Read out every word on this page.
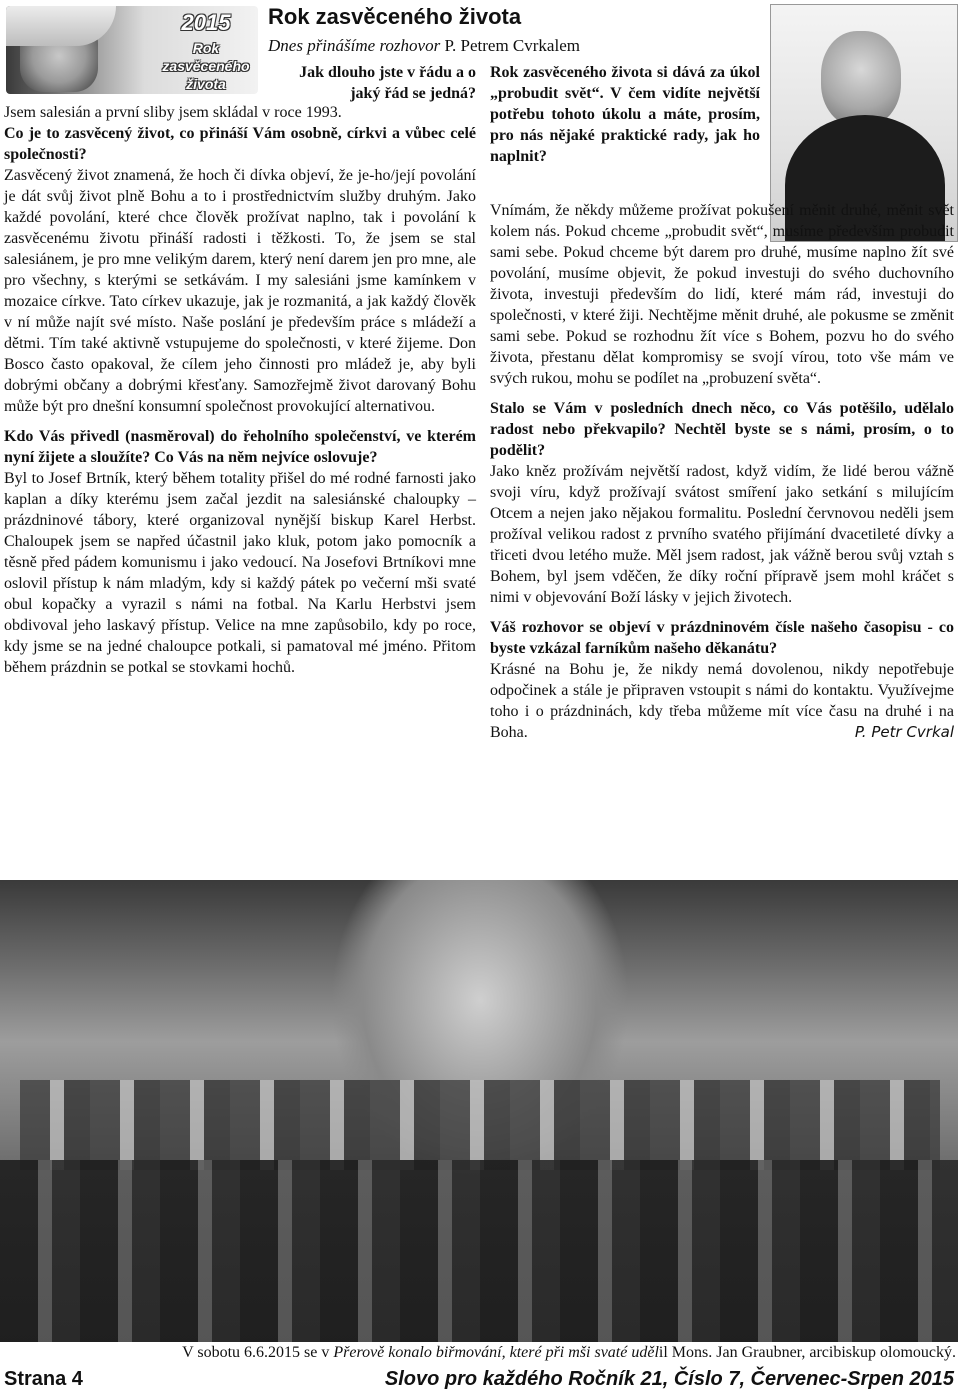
2015
Rok
zasvěceného
života
Rok zasvěceného života
Dnes přinášíme rozhovor P. Petrem Cvrkalem
Jak dlouho jste v řádu a o jaký řád se jedná?

Jsem salesián a první sliby jsem skládal v roce 1993.

Co je to zasvěcený život, co přináší Vám osobně, církvi a vůbec celé společnosti?

Zasvěcený život znamená, že hoch či dívka objeví, že je-ho/její povolání je dát svůj život plně Bohu a to i prostřednictvím služby druhým. Jako každé povolání, které chce člověk prožívat naplno, tak i povolání k zasvěcenému životu přináší radosti i těžkosti. To, že jsem se stal salesiánem, je pro mne velikým darem, který není darem jen pro mne, ale pro všechny, s kterými se setkávám. I my salesiáni jsme kamínkem v mozaice církve. Tato církev ukazuje, jak je rozmanitá, a jak každý člověk v ní může najít své místo. Naše poslání je především práce s mládeží a dětmi. Tím také aktivně vstupujeme do společnosti, v které žijeme. Don Bosco často opakoval, že cílem jeho činnosti pro mládež je, aby byli dobrými občany a dobrými křesťany. Samozřejmě život darovaný Bohu může být pro dnešní konsumní společnost provokující alternativou.

Kdo Vás přivedl (nasměroval) do řeholního společenství, ve kterém nyní žijete a sloužíte? Co Vás na něm nejvíce oslovuje?

Byl to Josef Brtník, který během totality přišel do mé rodné farnosti jako kaplan a díky kterému jsem začal jezdit na salesiánské chaloupky – prázdninové tábory, které organizoval nynější biskup Karel Herbst. Chaloupek jsem se napřed účastnil jako kluk, potom jako pomocník a těsně před pádem komunismu i jako vedoucí. Na Josefovi Brtníkovi mne oslovil přístup k nám mladým, kdy si každý pátek po večerní mši svaté obul kopačky a vyrazil s námi na fotbal. Na Karlu Herbstvi jsem obdivoval jeho laskavý přístup. Velice na mne zapůsobilo, kdy po roce, kdy jsme se na jedné chaloupce potkali, si pamatoval mé jméno. Přitom během prázdnin se potkal se stovkami hochů.

Rok zasvěceného života si dává za úkol „probudit svět“. V čem vidíte největší potřebu tohoto úkolu a máte, prosím, pro nás nějaké praktické rady, jak ho naplnit?

Vnímám, že někdy můžeme prožívat pokušení měnit druhé, měnit svět kolem nás. Pokud chceme „probudit svět“, musíme především probudit sami sebe. Pokud chceme být darem pro druhé, musíme naplno žít své povolání, musíme objevit, že pokud investuji do svého duchovního života, investuji především do lidí, které mám rád, investuji do společnosti, v které žiji. Nechtějme měnit druhé, ale pokusme se změnit sami sebe. Pokud se rozhodnu žít více s Bohem, pozvu ho do svého života, přestanu dělat kompromisy se svojí vírou, toto vše mám ve svých rukou, mohu se podílet na „probuzení světa“.

Stalo se Vám v posledních dnech něco, co Vás potěšilo, udělalo radost nebo překvapilo? Nechtěl byste se s námi, prosím, o to podělit?

Jako kněz prožívám největší radost, když vidím, že lidé berou vážně svoji víru, když prožívají svátost smíření jako setkání s milujícím Otcem a nejen jako nějakou formalitu. Poslední červnovou neděli jsem prožíval velikou radost z prvního svatého přijímání dvacetileté dívky a třiceti dvou letého muže. Měl jsem radost, jak vážně berou svůj vztah s Bohem, byl jsem vděčen, že díky roční přípravě jsem mohl kráčet s nimi v objevování Boží lásky v jejich životech.

Váš rozhovor se objeví v prázdninovém čísle našeho časopisu - co byste vzkázal farníkům našeho děkanátu?

Krásné na Bohu je, že nikdy nemá dovolenou, nikdy nepotřebuje odpočinek a stále je připraven vstoupit s námi do kontaktu. Využívejme toho i o prázdninách, kdy třeba můžeme mít více času na druhé i na Boha.	P. Petr Cvrkal

V sobotu 6.6.2015 se v Přerově konalo biřmování, které při mši svaté udělil Mons. Jan Graubner, arcibiskup olomoucký.
Strana 4	Slovo pro každého Ročník 21, Číslo 7, Červenec-Srpen 2015
